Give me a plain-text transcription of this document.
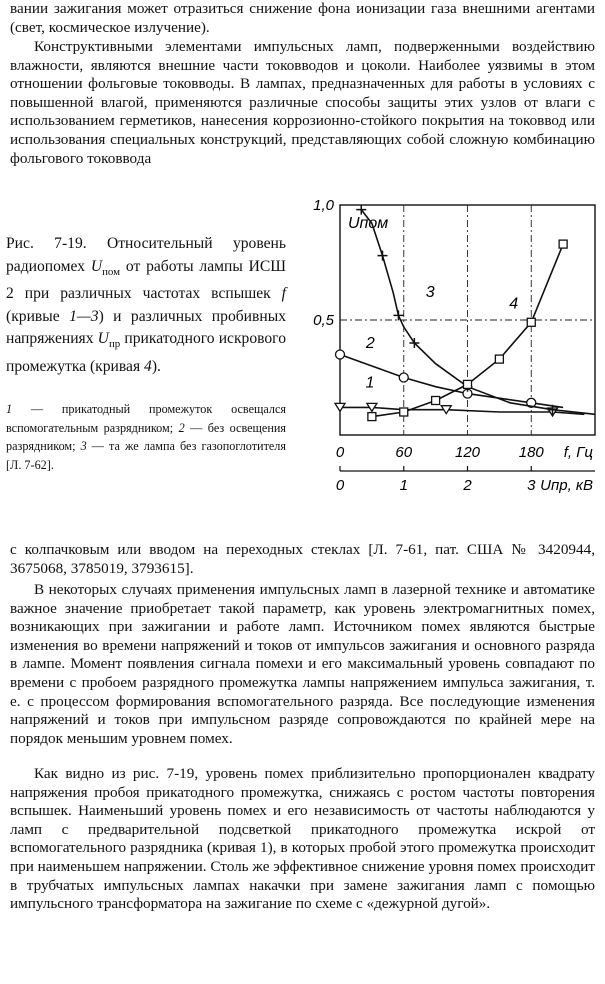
вании зажигания может отразиться снижение фона ионизации газа внешними агентами (свет, космическое излучение).

Конструктивными элементами импульсных ламп, подверженными воздействию влажности, являются внешние части токовводов и цоколи. Наиболее уязвимы в этом отношении фольговые токовводы. В лампах, предназначенных для работы в условиях с повышенной влагой, применяются различные способы защиты этих узлов от влаги с использованием герметиков, нанесения коррозионно-стойкого покрытия на токоввод или использования специальных конструкций, представляющих собой сложную комбинацию фольгового токоввода

Рис. 7-19. Относительный уровень радиопомех $U_{пом}$ от работы лампы ИСШ 2 при различных частотах вспышек f (кривые 1—3) и различных пробивных напряжениях $U_{пр}$ прикатодного искрового промежутка (кривая 4).
1 — прикатодный промежуток освещался вспомогательным разрядником; 2 — без освещения разрядником; 3 — та же лампа без газопоглотителя [Л. 7-62].
1,0
0,5
0	60	120	180 f, Гц
0	1	2	3 Uпр, кВ
Uпом
1
2
3
4

с колпачковым или вводом на переходных стеклах [Л. 7-61, пат. США № 3420944, 3675068, 3785019, 3793615].

В некоторых случаях применения импульсных ламп в лазерной технике и автоматике важное значение приобретает такой параметр, как уровень электромагнитных помех, возникающих при зажигании и работе ламп. Источником помех являются быстрые изменения во времени напряжений и токов от импульсов зажигания и основного разряда в лампе. Момент появления сигнала помехи и его максимальный уровень совпадают по времени с пробоем разрядного промежутка лампы напряжением импульса зажигания, т. е. с процессом формирования вспомогательного разряда. Все последующие изменения напряжений и токов при импульсном разряде сопровождаются по крайней мере на порядок меньшим уровнем помех.

Как видно из рис. 7-19, уровень помех приблизительно пропорционален квадрату напряжения пробоя прикатодного промежутка, снижаясь с ростом частоты повторения вспышек. Наименьший уровень помех и его независимость от частоты наблюдаются у ламп с предварительной подсветкой прикатодного промежутка искрой от вспомогательного разрядника (кривая 1), в которых пробой этого промежутка происходит при наименьшем напряжении. Столь же эффективное снижение уровня помех происходит в трубчатых импульсных лампах накачки при замене зажигания ламп с помощью импульсного трансформатора на зажигание по схеме с «дежурной дугой».
